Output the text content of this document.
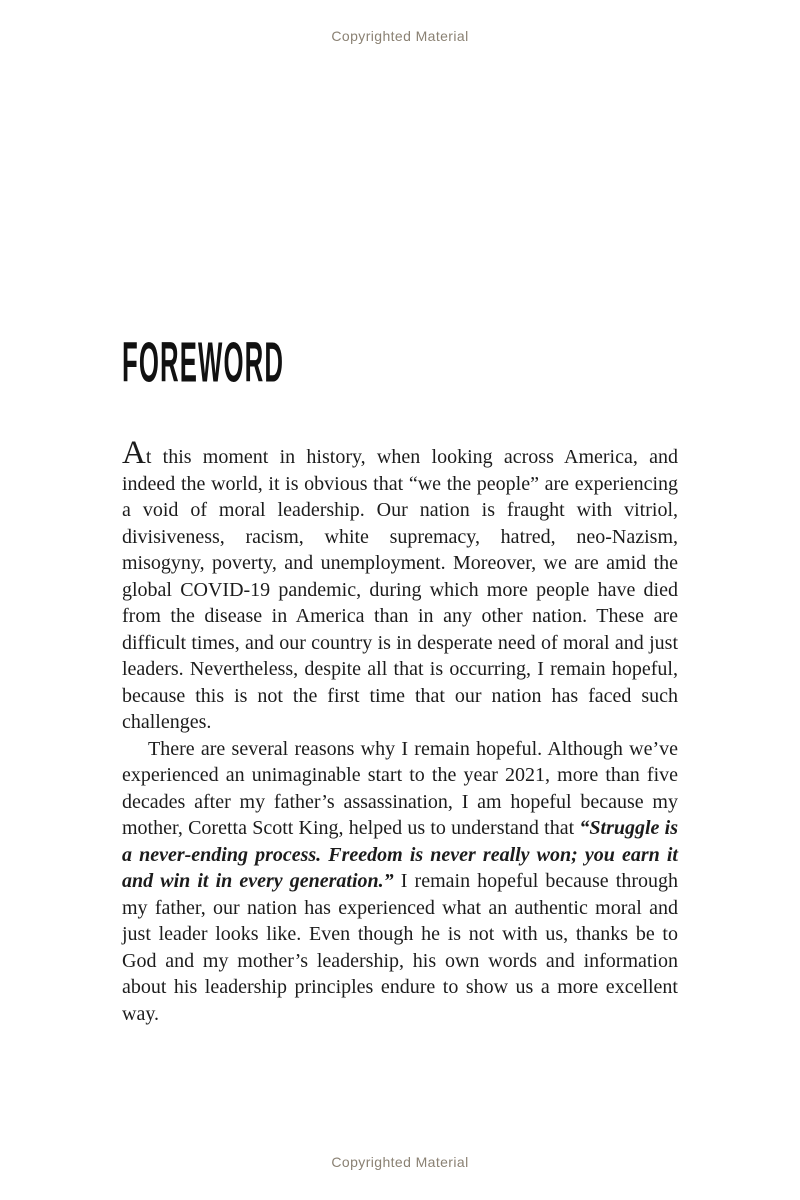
Copyrighted Material
FOREWORD

At this moment in history, when looking across America, and indeed the world, it is obvious that “we the people” are experiencing a void of moral leadership. Our nation is fraught with vitriol, divisiveness, racism, white supremacy, hatred, neo-Nazism, misogyny, poverty, and unemployment. Moreover, we are amid the global COVID-19 pandemic, during which more people have died from the disease in America than in any other nation. These are difficult times, and our country is in desperate need of moral and just leaders. Nevertheless, despite all that is occurring, I remain hopeful, because this is not the first time that our nation has faced such challenges.

There are several reasons why I remain hopeful. Although we’ve experienced an unimaginable start to the year 2021, more than five decades after my father’s assassination, I am hopeful because my mother, Coretta Scott King, helped us to understand that “Struggle is a never-ending process. Freedom is never really won; you earn it and win it in every generation.” I remain hopeful because through my father, our nation has experienced what an authentic moral and just leader looks like. Even though he is not with us, thanks be to God and my mother’s leadership, his own words and information about his leadership principles endure to show us a more excellent way.

Copyrighted Material
